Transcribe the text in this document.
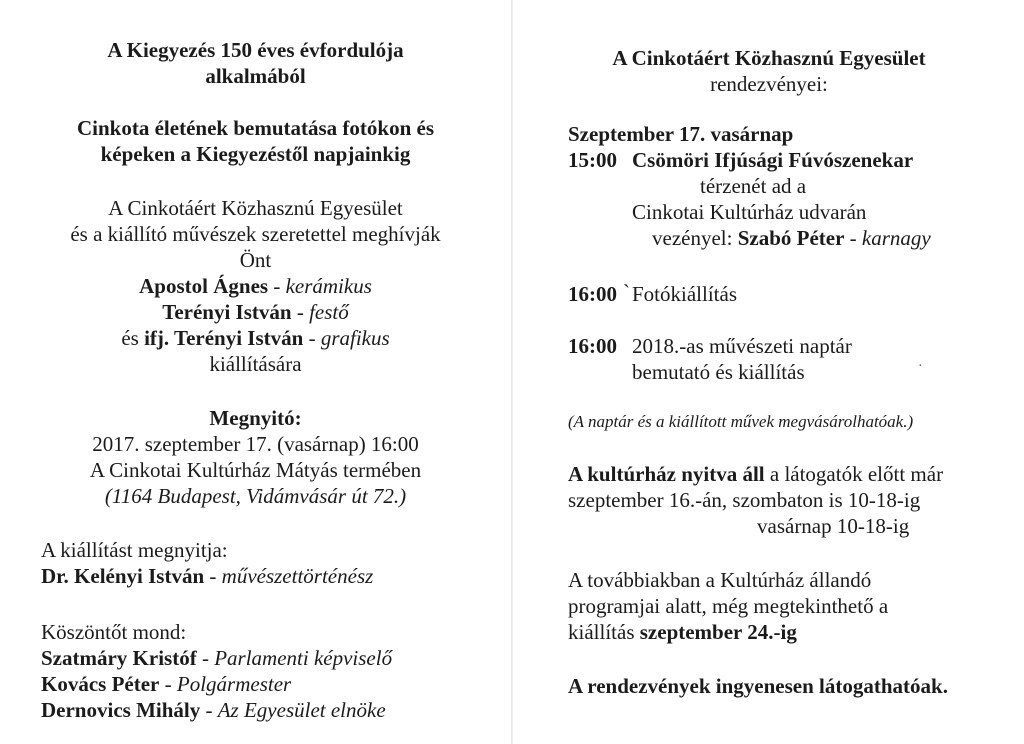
A Kiegyezés 150 éves évfordulója
alkalmából
Cinkota életének bemutatása fotókon és
képeken a Kiegyezéstől napjainkig
A Cinkotáért Közhasznú Egyesület
és a kiállító művészek szeretettel meghívják
Önt
Apostol Ágnes - kerámikus
Terényi István - festő
és ifj. Terényi István - grafikus
kiállítására
Megnyitó:
2017. szeptember 17. (vasárnap) 16:00
A Cinkotai Kultúrház Mátyás termében
(1164 Budapest, Vidámvásár út 72.)
A kiállítást megnyitja:
Dr. Kelényi István - művészettörténész
Köszöntőt mond:
Szatmáry Kristóf - Parlamenti képviselő
Kovács Péter - Polgármester
Dernovics Mihály - Az Egyesület elnöke
A Cinkotáért Közhasznú Egyesület
rendezvényei:
Szeptember 17. vasárnap
15:00 Csömöri Ifjúsági Fúvószenekar
térzenét ad a
Cinkotai Kultúrház udvarán
vezényel: Szabó Péter - karnagy
16:00 ` Fotókiállítás
16:00 2018.-as művészeti naptár
bemutató és kiállítás	·
(A naptár és a kiállított művek megvásárolhatóak.)
A kultúrház nyitva áll a látogatók előtt már
szeptember 16.-án, szombaton is 10-18-ig
vasárnap 10-18-ig
A továbbiakban a Kultúrház állandó
programjai alatt, még megtekinthető a
kiállítás szeptember 24.-ig
A rendezvények ingyenesen látogathatóak.
